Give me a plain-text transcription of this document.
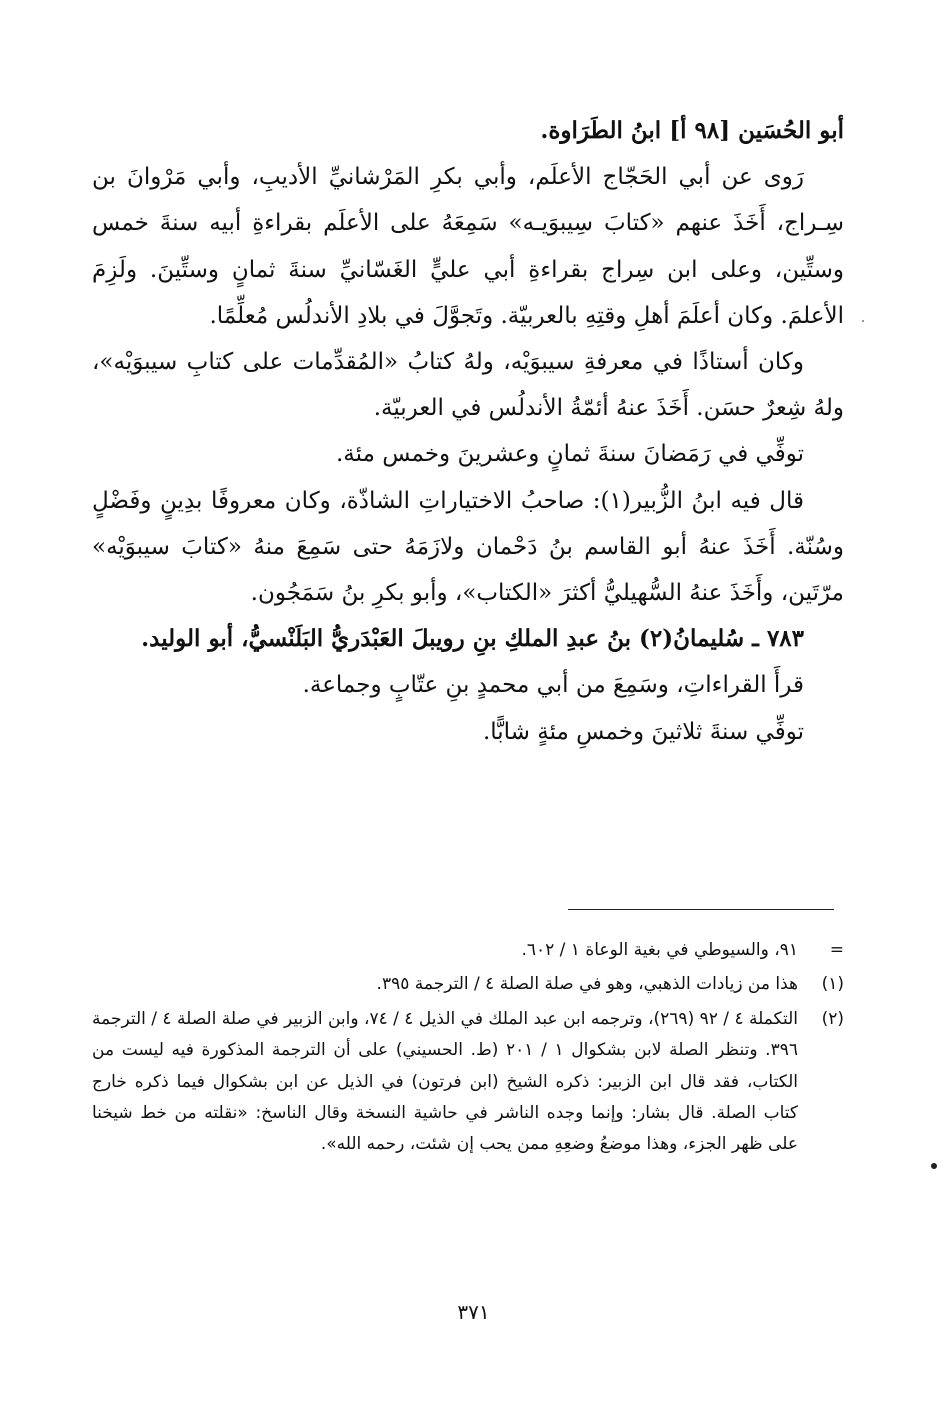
أبو الحُسَين [٩٨ أ] ابنُ الطَرَاوة.

رَوى عن أبي الحَجّاج الأعلَم، وأبي بكرِ المَرْشانيِّ الأديبِ، وأبي مَرْوانَ بن سِـراج، أَخَذَ عنهم «كتابَ سِيبوَيـه» سَمِعَهُ على الأعلَم بقراءةِ أبيه سنةَ خمس وستِّين، وعلى ابن سِراج بقراءةِ أبي عليٍّ الغَسّانيِّ سنةَ ثمانٍ وستِّينَ. ولَزِمَ الأعلمَ. وكان أعلَمَ أهلِ وقتِهِ بالعربيّة. وتَجوَّلَ في بلادِ الأندلُس مُعلِّمًا.

وكان أستاذًا في معرفةِ سيبوَيْه، ولهُ كتابُ «المُقدِّمات على كتابِ سيبوَيْه»، ولهُ شِعرٌ حسَن. أَخَذَ عنهُ أئمّةُ الأندلُس في العربيّة.

توفِّي في رَمَضانَ سنةَ ثمانٍ وعشرينَ وخمس مئة.

قال فيه ابنُ الزُّبير(١): صاحبُ الاختياراتِ الشاذّة، وكان معروفًا بدِينٍ وفَضْلٍ وسُنّة. أَخَذَ عنهُ أبو القاسم بنُ دَحْمان ولازَمَهُ حتى سَمِعَ منهُ «كتابَ سيبوَيْه» مرّتَين، وأَخَذَ عنهُ السُّهيليُّ أكثرَ «الكتاب»، وأبو بكرِ بنُ سَمَجُون.

٧٨٣ ـ سُليمانُ(٢) بنُ عبدِ الملكِ بنِ رويبلَ العَبْدَريُّ البَلَنْسيُّ، أبو الوليد.

قرأَ القراءاتِ، وسَمِعَ من أبي محمدٍ بنِ عتّابٍ وجماعة.

توفِّي سنةَ ثلاثينَ وخمسِ مئةٍ شابًّا.

=
٩١، والسيوطي في بغية الوعاة ١ / ٦٠٢.
(١)
هذا من زيادات الذهبي، وهو في صلة الصلة ٤ / الترجمة ٣٩٥.
(٢)
التكملة ٤ / ٩٢ (٢٦٩)، وترجمه ابن عبد الملك في الذيل ٤ / ٧٤، وابن الزبير في صلة الصلة ٤ / الترجمة ٣٩٦. وتنظر الصلة لابن بشكوال ١ / ٢٠١ (ط. الحسيني) على أن الترجمة المذكورة فيه ليست من الكتاب، فقد قال ابن الزبير: ذكره الشيخ (ابن فرتون) في الذيل عن ابن بشكوال فيما ذكره خارج كتاب الصلة. قال بشار: وإنما وجده الناشر في حاشية النسخة وقال الناسخ: «نقلته من خط شيخنا على ظهر الجزء، وهذا موضعُ وضعِهِ ممن يحب إن شئت، رحمه الله».
٣٧١
